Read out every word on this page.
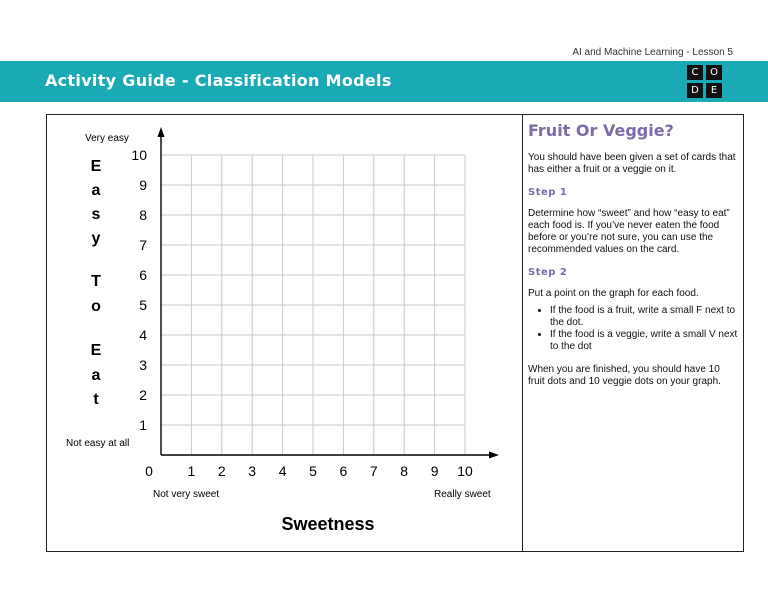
AI and Machine Learning - Lesson 5
Activity Guide - Classification Models	C	O
D	E
0 1 2 3 4 5 6 7 8 9 10
1
2
3
4
5
6
7
8
9
10
Very easy
Not easy at all
Not very sweet	Really sweet
Sweetness
E
a
s
y
T
o
E
a
t
Fruit Or Veggie?

You should have been given a set of cards that has either a fruit or a veggie on it.

Step 1

Determine how “sweet” and how “easy to eat” each food is. If you’ve never eaten the food before or you’re not sure, you can use the recommended values on the card.

Step 2

Put a point on the graph for each food.

• If the food is a fruit, write a small F next to the dot.
• If the food is a veggie, write a small V next to the dot

When you are finished, you should have 10 fruit dots and 10 veggie dots on your graph.
